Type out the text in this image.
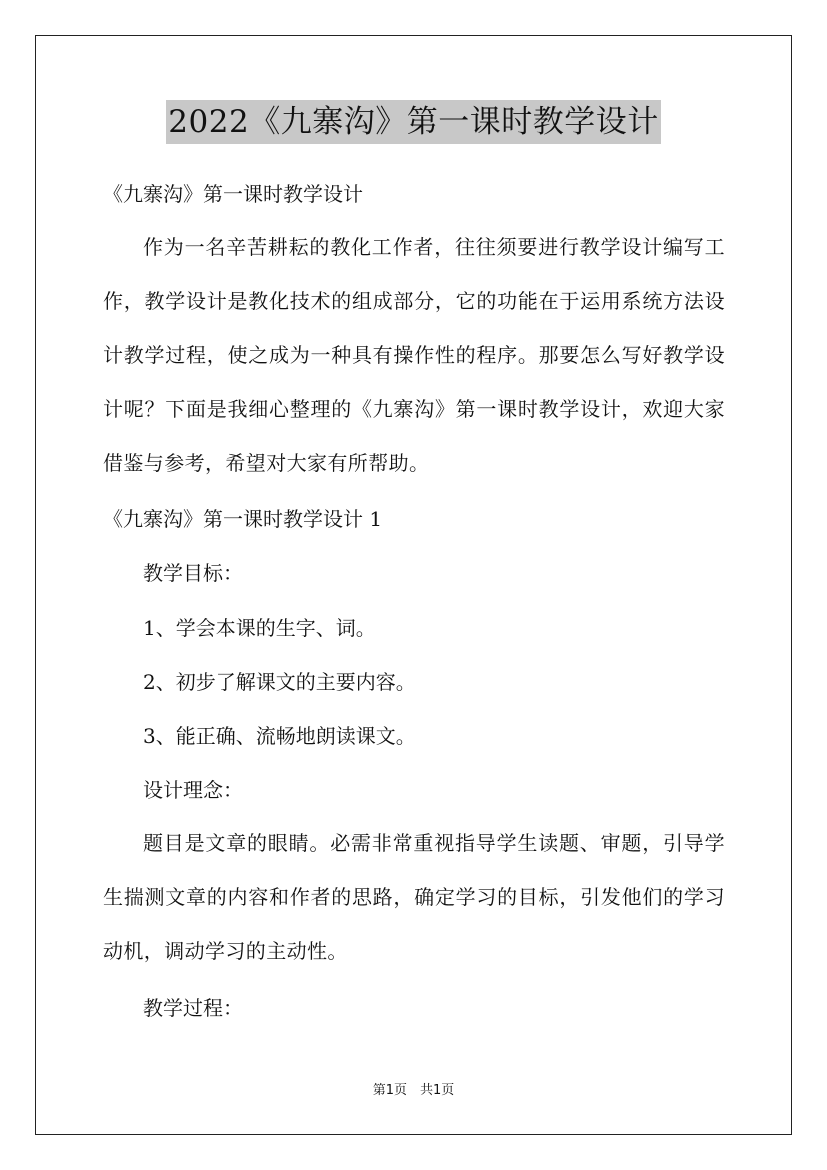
2022《九寨沟》第一课时教学设计
《九寨沟》第一课时教学设计
作为一名辛苦耕耘的教化工作者，往往须要进行教学设计编写工作，教学设计是教化技术的组成部分，它的功能在于运用系统方法设计教学过程，使之成为一种具有操作性的程序。那要怎么写好教学设计呢？下面是我细心整理的《九寨沟》第一课时教学设计，欢迎大家借鉴与参考，希望对大家有所帮助。
《九寨沟》第一课时教学设计 1
教学目标：
1、学会本课的生字、词。
2、初步了解课文的主要内容。
3、能正确、流畅地朗读课文。
设计理念：
题目是文章的眼睛。必需非常重视指导学生读题、审题，引导学生揣测文章的内容和作者的思路，确定学习的目标，引发他们的学习动机，调动学习的主动性。
教学过程：
第1页　共1页
